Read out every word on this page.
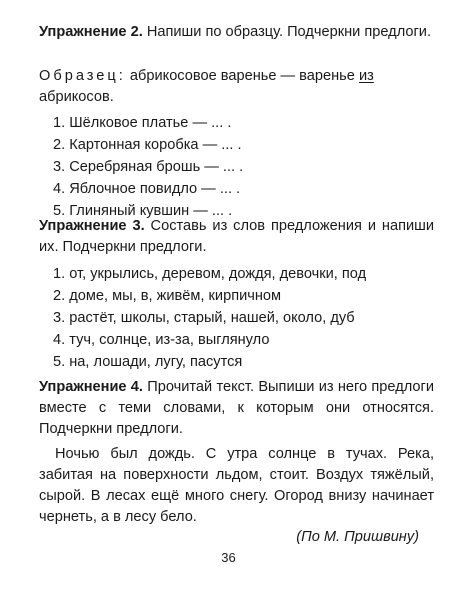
Упражнение 2. Напиши по образцу. Подчеркни предлоги.

Образец: абрикосовое варенье — варенье из абрикосов.

1. Шёлковое платье — ... .
2. Картонная коробка — ... .
3. Серебряная брошь — ... .
4. Яблочное повидло — ... .
5. Глиняный кувшин — ... .

Упражнение 3. Составь из слов предложения и напиши их. Подчеркни предлоги.

1. от, укрылись, деревом, дождя, девочки, под
2. доме, мы, в, живём, кирпичном
3. растёт, школы, старый, нашей, около, дуб
4. туч, солнце, из-за, выглянуло
5. на, лошади, лугу, пасутся

Упражнение 4. Прочитай текст. Выпиши из него предлоги вместе с теми словами, к которым они относятся. Подчеркни предлоги.

Ночью был дождь. С утра солнце в тучах. Река, забитая на поверхности льдом, стоит. Воздух тяжёлый, сырой. В лесах ещё много снегу. Огород внизу начинает чернеть, а в лесу бело.

(По М. Пришвину)
36
